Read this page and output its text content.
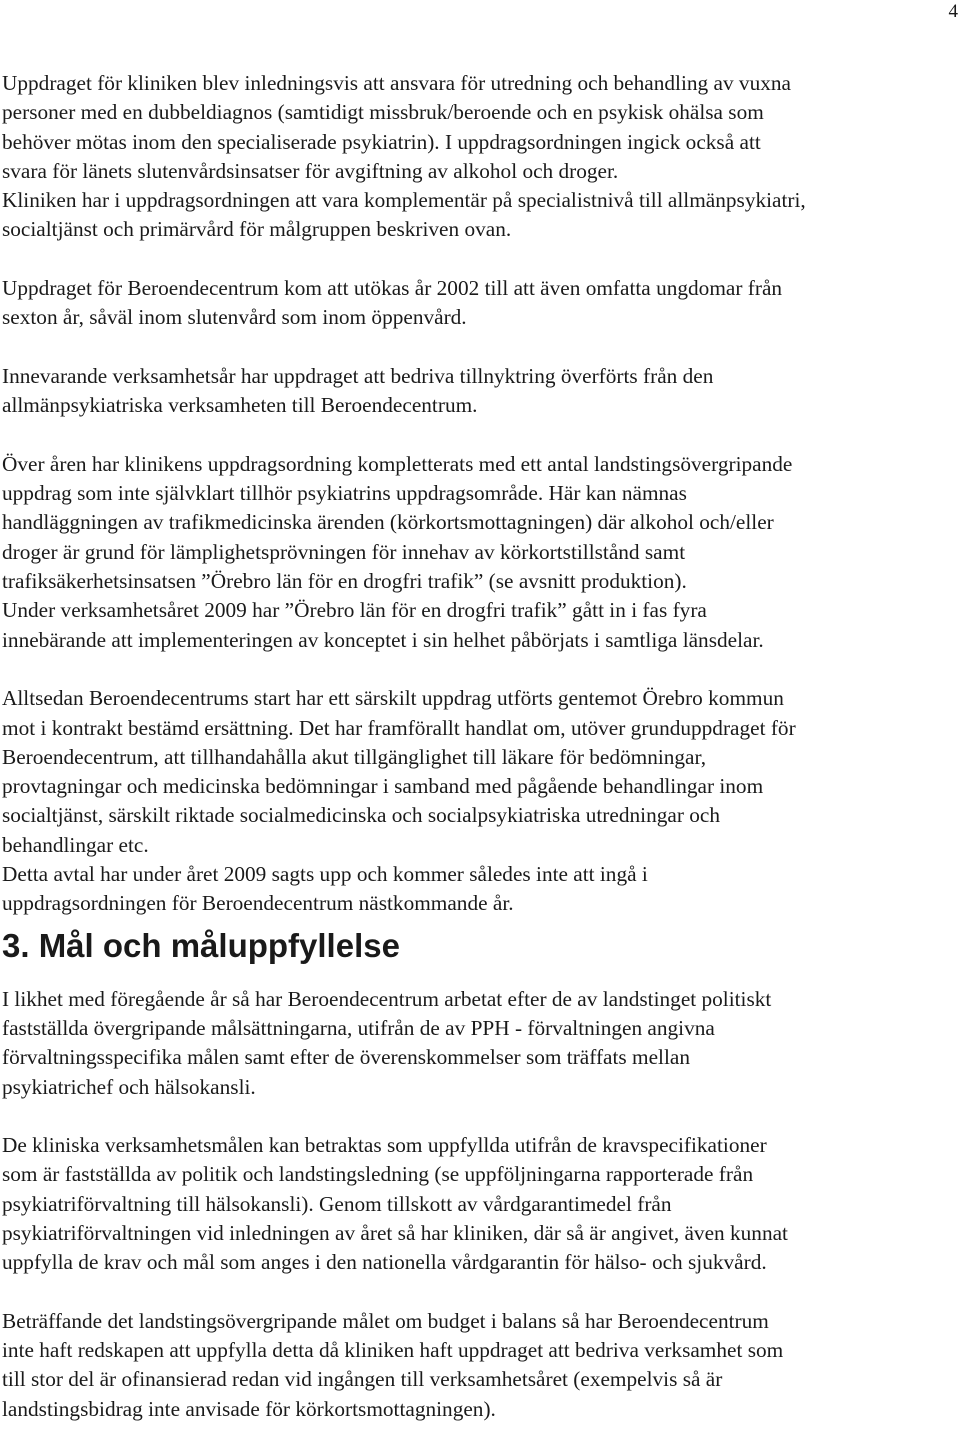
4

Uppdraget för kliniken blev inledningsvis att ansvara för utredning och behandling av vuxna
personer med en dubbeldiagnos (samtidigt missbruk/beroende och en psykisk ohälsa som
behöver mötas inom den specialiserade psykiatrin). I uppdragsordningen ingick också att
svara för länets slutenvårdsinsatser för avgiftning av alkohol och droger.
Kliniken har i uppdragsordningen att vara komplementär på specialistnivå till allmänpsykiatri,
socialtjänst och primärvård för målgruppen beskriven ovan.

Uppdraget för Beroendecentrum kom att utökas år 2002 till att även omfatta ungdomar från
sexton år, såväl inom slutenvård som inom öppenvård.

Innevarande verksamhetsår har uppdraget att bedriva tillnyktring överförts från den
allmänpsykiatriska verksamheten till Beroendecentrum.

Över åren har klinikens uppdragsordning kompletterats med ett antal landstingsövergripande
uppdrag som inte självklart tillhör psykiatrins uppdragsområde. Här kan nämnas
handläggningen av trafikmedicinska ärenden (körkortsmottagningen) där alkohol och/eller
droger är grund för lämplighetsprövningen för innehav av körkortstillstånd samt
trafiksäkerhetsinsatsen ”Örebro län för en drogfri trafik” (se avsnitt produktion).
Under verksamhetsåret 2009 har ”Örebro län för en drogfri trafik” gått in i fas fyra
innebärande att implementeringen av konceptet i sin helhet påbörjats i samtliga länsdelar.

Alltsedan Beroendecentrums start har ett särskilt uppdrag utförts gentemot Örebro kommun
mot i kontrakt bestämd ersättning. Det har framförallt handlat om, utöver grunduppdraget för
Beroendecentrum, att tillhandahålla akut tillgänglighet till läkare för bedömningar,
provtagningar och medicinska bedömningar i samband med pågående behandlingar inom
socialtjänst, särskilt riktade socialmedicinska och socialpsykiatriska utredningar och
behandlingar etc.
Detta avtal har under året 2009 sagts upp och kommer således inte att ingå i
uppdragsordningen för Beroendecentrum nästkommande år.

3. Mål och måluppfyllelse

I likhet med föregående år så har Beroendecentrum arbetat efter de av landstinget politiskt
fastställda övergripande målsättningarna, utifrån de av PPH - förvaltningen angivna
förvaltningsspecifika målen samt efter de överenskommelser som träffats mellan
psykiatrichef och hälsokansli.

De kliniska verksamhetsmålen kan betraktas som uppfyllda utifrån de kravspecifikationer
som är fastställda av politik och landstingsledning (se uppföljningarna rapporterade från
psykiatriförvaltning till hälsokansli). Genom tillskott av vårdgarantimedel från
psykiatriförvaltningen vid inledningen av året så har kliniken, där så är angivet, även kunnat
uppfylla de krav och mål som anges i den nationella vårdgarantin för hälso- och sjukvård.

Beträffande det landstingsövergripande målet om budget i balans så har Beroendecentrum
inte haft redskapen att uppfylla detta då kliniken haft uppdraget att bedriva verksamhet som
till stor del är ofinansierad redan vid ingången till verksamhetsåret (exempelvis så är
landstingsbidrag inte anvisade för körkortsmottagningen).
